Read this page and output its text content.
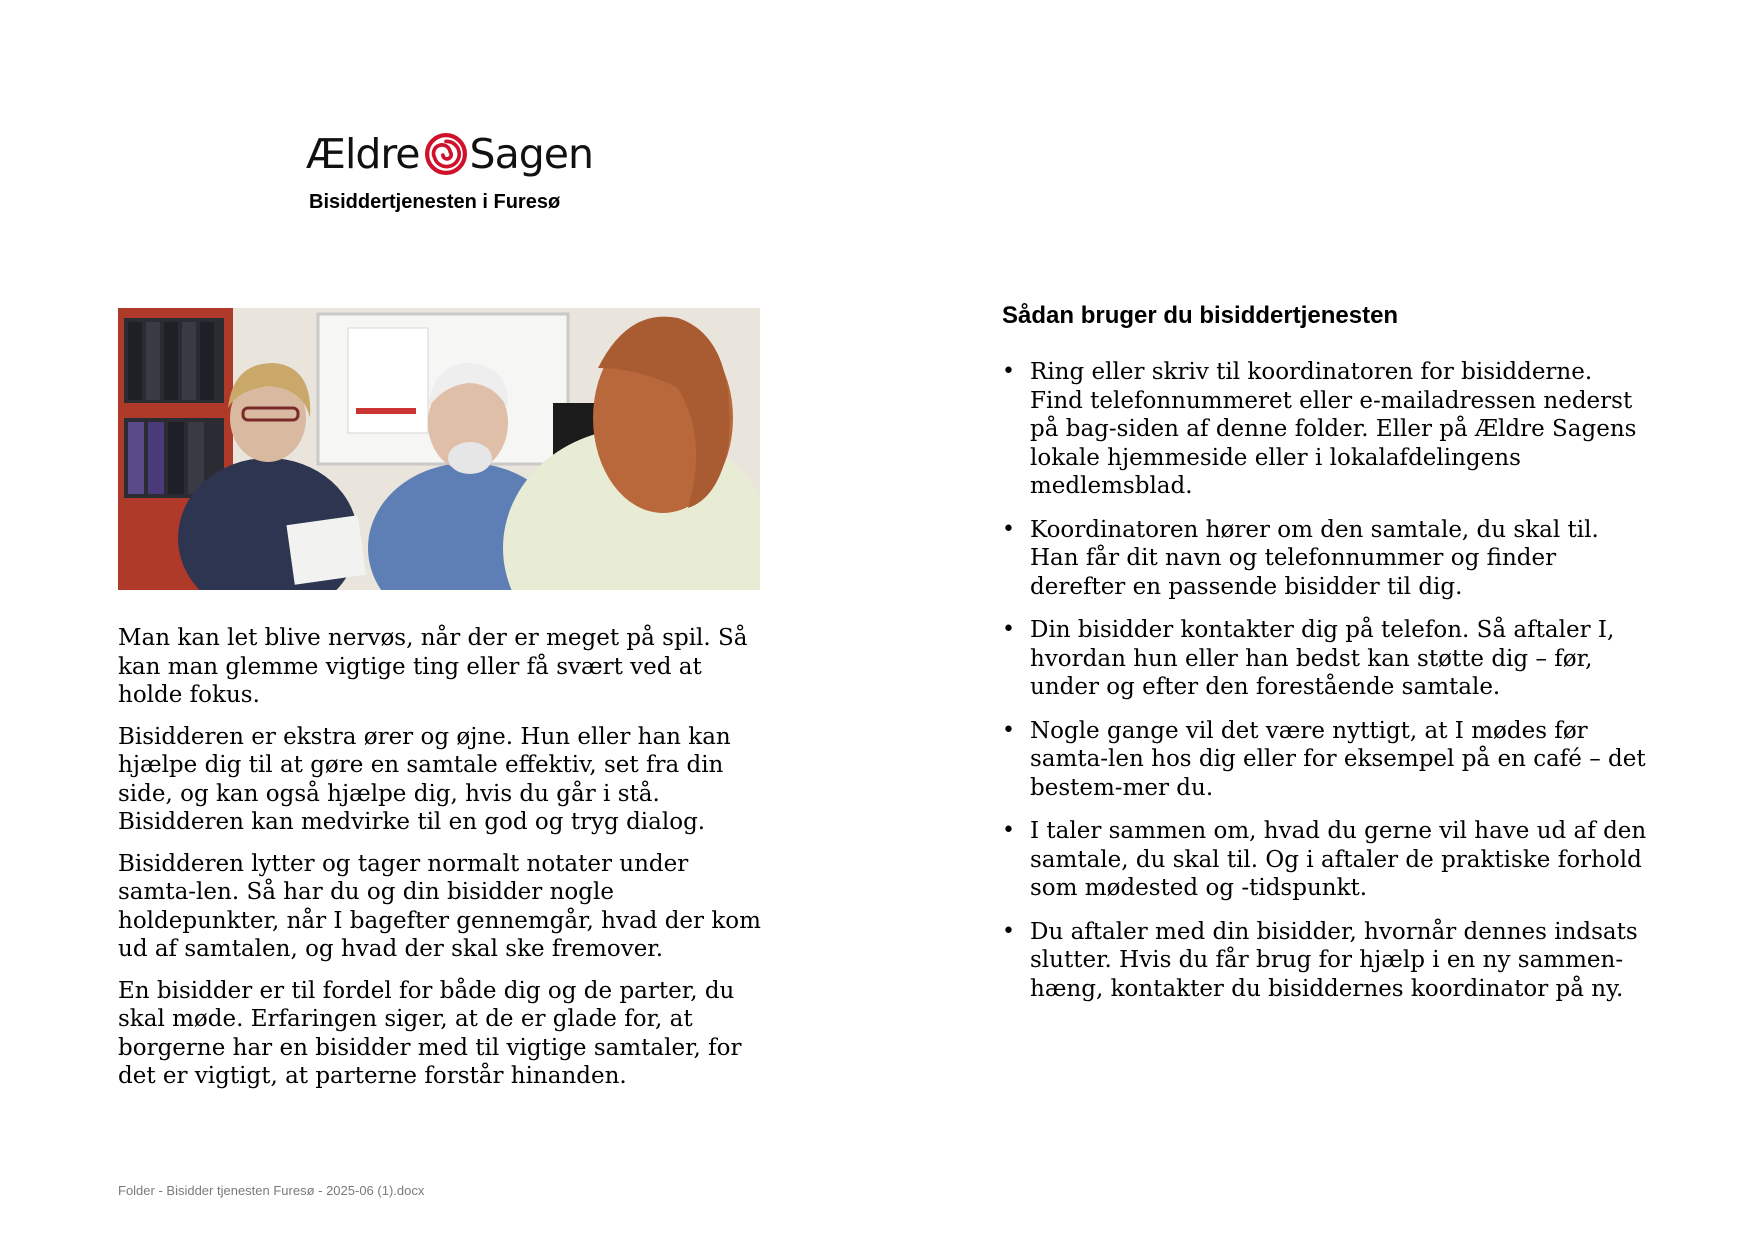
Ældre Sagen
Bisiddertjenesten i Furesø

Man kan let blive nervøs, når der er meget på spil. Så kan man glemme vigtige ting eller få svært ved at holde fokus.

Bisidderen er ekstra ører og øjne. Hun eller han kan hjælpe dig til at gøre en samtale effektiv, set fra din side, og kan også hjælpe dig, hvis du går i stå. Bisidderen kan medvirke til en god og tryg dialog.

Bisidderen lytter og tager normalt notater under samta-len. Så har du og din bisidder nogle holdepunkter, når I bagefter gennemgår, hvad der kom ud af samtalen, og hvad der skal ske fremover.

En bisidder er til fordel for både dig og de parter, du skal møde. Erfaringen siger, at de er glade for, at borgerne har en bisidder med til vigtige samtaler, for det er vigtigt, at parterne forstår hinanden.

Sådan bruger du bisiddertjenesten
• Ring eller skriv til koordinatoren for bisidderne. Find telefonnummeret eller e-mailadressen nederst på bag-siden af denne folder. Eller på Ældre Sagens lokale hjemmeside eller i lokalafdelingens medlemsblad.
• Koordinatoren hører om den samtale, du skal til. Han får dit navn og telefonnummer og finder derefter en passende bisidder til dig.
• Din bisidder kontakter dig på telefon. Så aftaler I, hvordan hun eller han bedst kan støtte dig – før, under og efter den forestående samtale.
• Nogle gange vil det være nyttigt, at I mødes før samta-len hos dig eller for eksempel på en café – det bestem-mer du.
• I taler sammen om, hvad du gerne vil have ud af den samtale, du skal til. Og i aftaler de praktiske forhold som mødested og -tidspunkt.
• Du aftaler med din bisidder, hvornår dennes indsats slutter. Hvis du får brug for hjælp i en ny sammen-hæng, kontakter du bisiddernes koordinator på ny.
Folder - Bisidder tjenesten Furesø - 2025-06 (1).docx
